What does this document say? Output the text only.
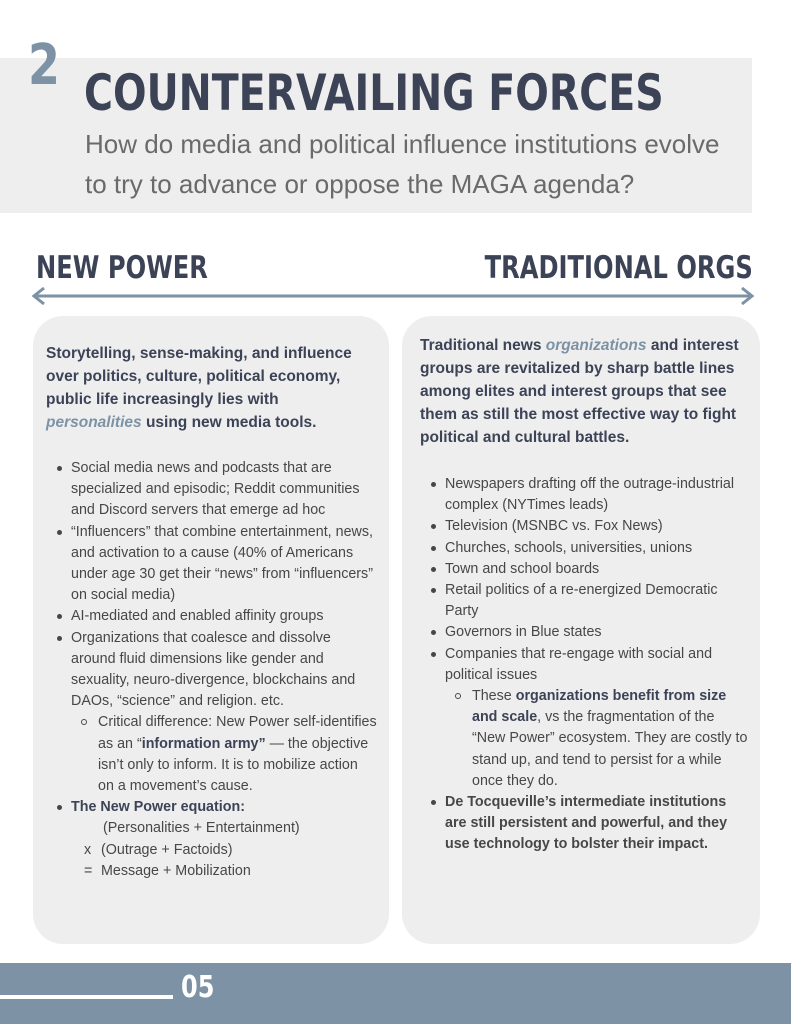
2 COUNTERVAILING FORCES
How do media and political influence institutions evolve to try to advance or oppose the MAGA agenda?
NEW POWER	TRADITIONAL ORGS
Storytelling, sense-making, and influence over politics, culture, political economy, public life increasingly lies with personalities using new media tools.
Social media news and podcasts that are specialized and episodic; Reddit communities and Discord servers that emerge ad hoc
“Influencers” that combine entertainment, news, and activation to a cause (40% of Americans under age 30 get their “news” from “influencers” on social media)
AI-mediated and enabled affinity groups
Organizations that coalesce and dissolve around fluid dimensions like gender and sexuality, neuro-divergence, blockchains and DAOs, “science” and religion. etc.
Critical difference: New Power self-identifies as an “information army” — the objective isn’t only to inform. It is to mobilize action on a movement’s cause.
The New Power equation:
(Personalities + Entertainment)
x (Outrage + Factoids)
= Message + Mobilization
Traditional news organizations and interest groups are revitalized by sharp battle lines among elites and interest groups that see them as still the most effective way to fight political and cultural battles.
Newspapers drafting off the outrage-industrial complex (NYTimes leads)
Television (MSNBC vs. Fox News)
Churches, schools, universities, unions
Town and school boards
Retail politics of a re-energized Democratic Party
Governors in Blue states
Companies that re-engage with social and political issues
These organizations benefit from size and scale, vs the fragmentation of the “New Power” ecosystem. They are costly to stand up, and tend to persist for a while once they do.
De Tocqueville’s intermediate institutions are still persistent and powerful, and they use technology to bolster their impact.
05
